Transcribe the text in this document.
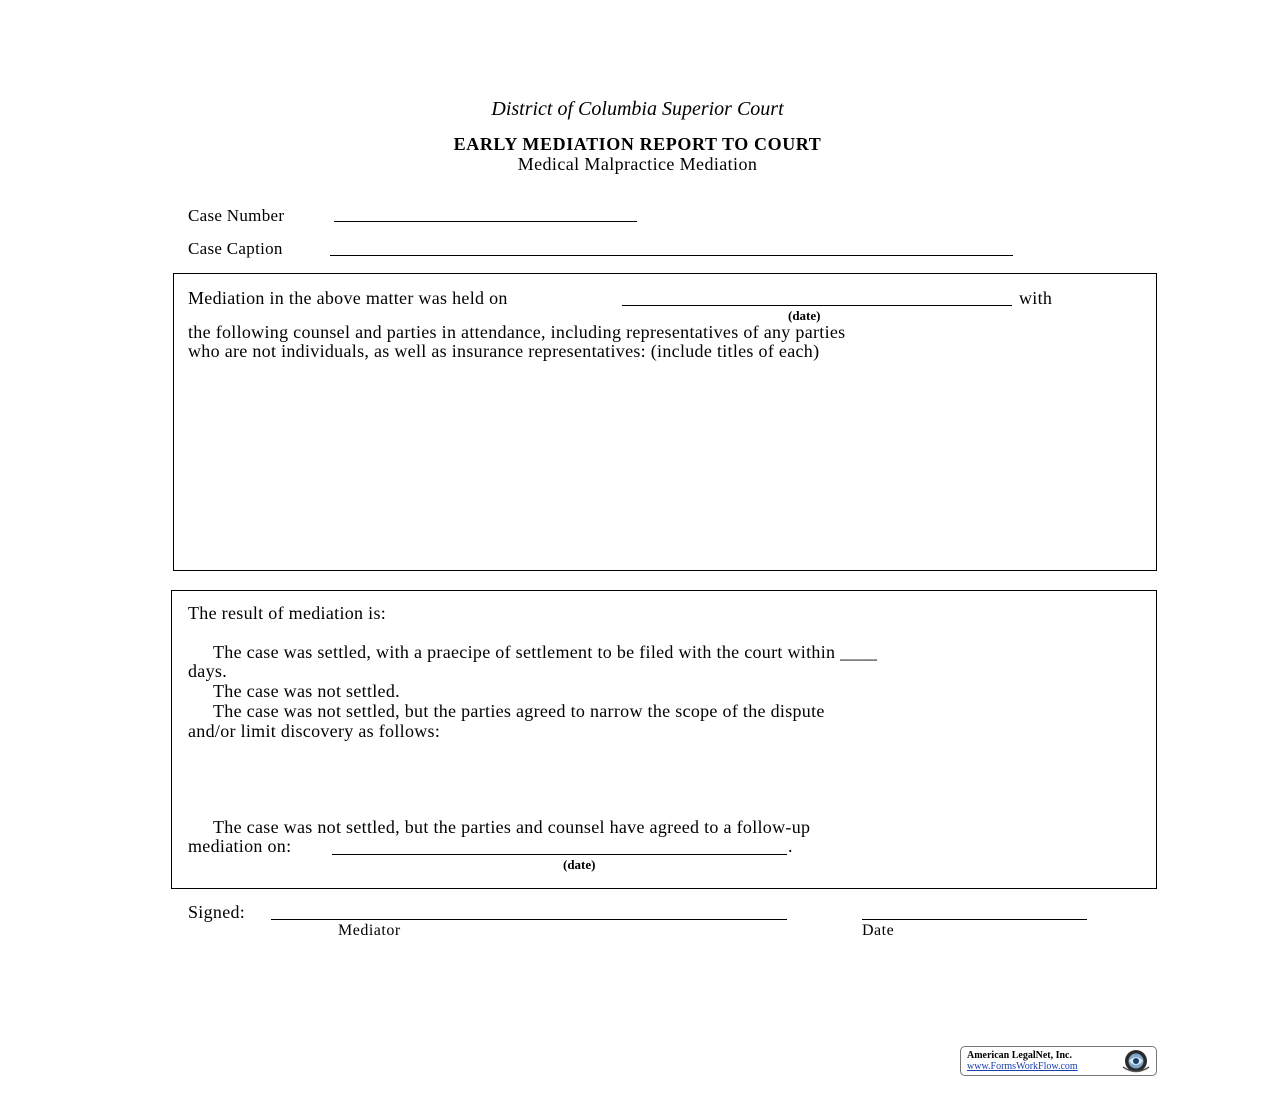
District of Columbia Superior Court
EARLY MEDIATION REPORT TO COURT
Medical Malpractice Mediation
Case Number
Case Caption
Mediation in the above matter was held on	with
(date)
the following counsel and parties in attendance, including representatives of any parties
who are not individuals, as well as insurance representatives: (include titles of each)
The result of mediation is:
The case was settled, with a praecipe of settlement to be filed with the court within ____
days.
The case was not settled.
The case was not settled, but the parties agreed to narrow the scope of the dispute
and/or limit discovery as follows:
The case was not settled, but the parties and counsel have agreed to a follow-up
mediation on:	.
(date)
Signed:
Mediator	Date
American LegalNet, Inc.
www.FormsWorkFlow.com
